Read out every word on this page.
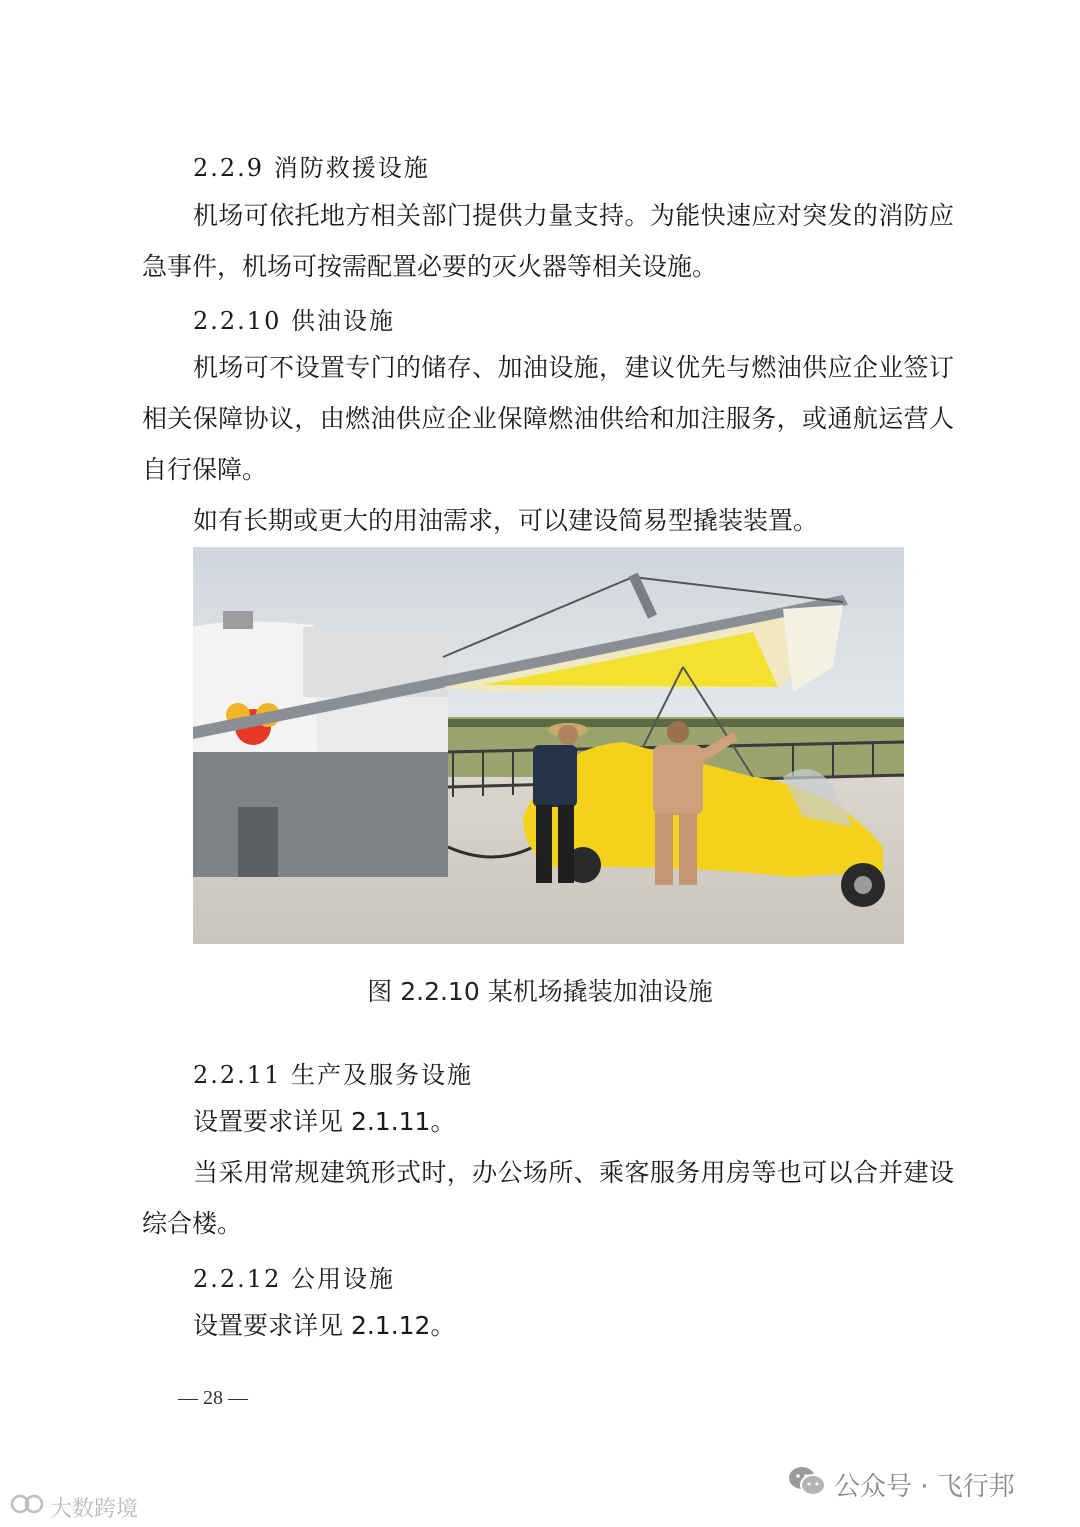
2.2.9 消防救援设施

机场可依托地方相关部门提供力量支持。为能快速应对突发的消防应急事件，机场可按需配置必要的灭火器等相关设施。

2.2.10 供油设施

机场可不设置专门的储存、加油设施，建议优先与燃油供应企业签订相关保障协议，由燃油供应企业保障燃油供给和加注服务，或通航运营人自行保障。

如有长期或更大的用油需求，可以建设简易型撬装装置。

图 2.2.10 某机场撬装加油设施
2.2.11 生产及服务设施

设置要求详见 2.1.11。

当采用常规建筑形式时，办公场所、乘客服务用房等也可以合并建设综合楼。

2.2.12 公用设施

设置要求详见 2.1.12。

— 28 —
公众号 · 飞行邦
大数跨境
